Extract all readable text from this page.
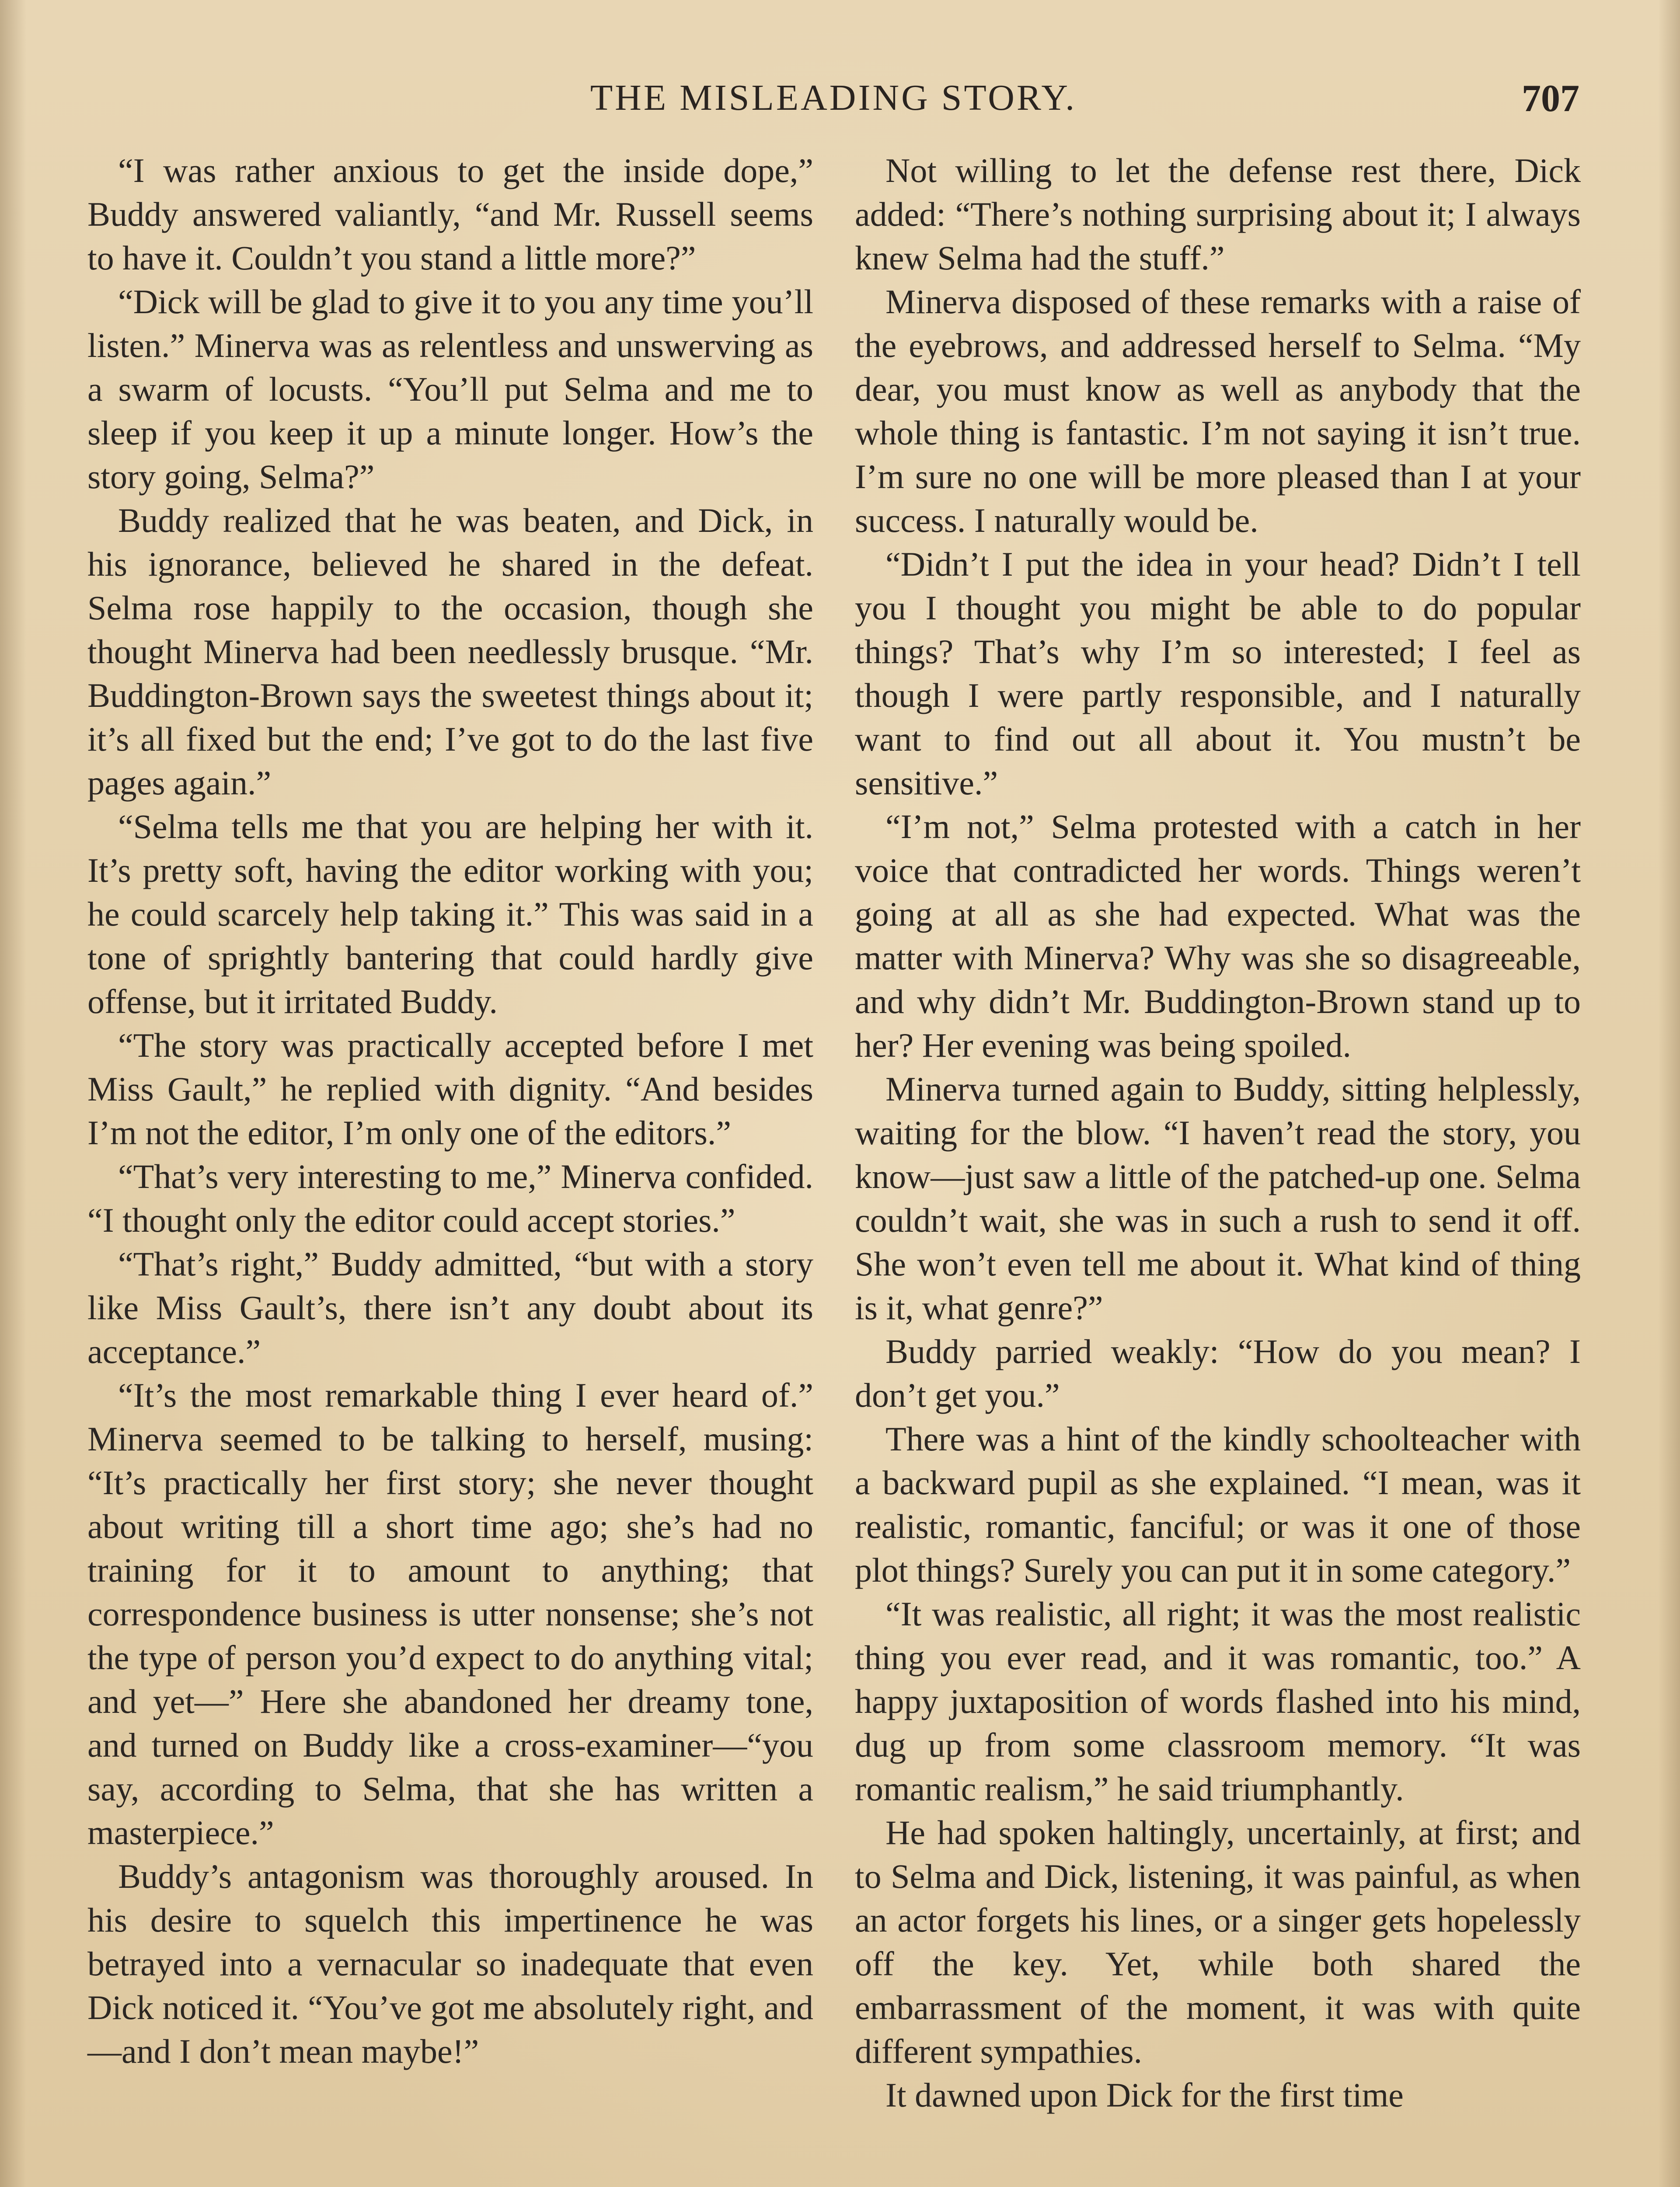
THE MISLEADING STORY.	707

“I was rather anxious to get the inside dope,” Buddy answered valiantly, “and Mr. Russell seems to have it. Couldn’t you stand a little more?”

“Dick will be glad to give it to you any time you’ll listen.” Minerva was as relentless and unswerving as a swarm of locusts. “You’ll put Selma and me to sleep if you keep it up a minute longer. How’s the story going, Selma?”

Buddy realized that he was beaten, and Dick, in his ignorance, believed he shared in the defeat. Selma rose happily to the occasion, though she thought Minerva had been needlessly brusque. “Mr. Buddington-Brown says the sweetest things about it; it’s all fixed but the end; I’ve got to do the last five pages again.”

“Selma tells me that you are helping her with it. It’s pretty soft, having the editor working with you; he could scarcely help taking it.” This was said in a tone of sprightly bantering that could hardly give offense, but it irritated Buddy.

“The story was practically accepted before I met Miss Gault,” he replied with dignity. “And besides I’m not the editor, I’m only one of the editors.”

“That’s very interesting to me,” Minerva confided. “I thought only the editor could accept stories.”

“That’s right,” Buddy admitted, “but with a story like Miss Gault’s, there isn’t any doubt about its acceptance.”

“It’s the most remarkable thing I ever heard of.” Minerva seemed to be talking to herself, musing: “It’s practically her first story; she never thought about writing till a short time ago; she’s had no training for it to amount to anything; that correspondence business is utter nonsense; she’s not the type of person you’d expect to do anything vital; and yet—” Here she abandoned her dreamy tone, and turned on Buddy like a cross-examiner—“you say, according to Selma, that she has written a masterpiece.”

Buddy’s antagonism was thoroughly aroused. In his desire to squelch this impertinence he was betrayed into a vernacular so inadequate that even Dick noticed it. “You’ve got me absolutely right, and —and I don’t mean maybe!”

Not willing to let the defense rest there, Dick added: “There’s nothing surprising about it; I always knew Selma had the stuff.”

Minerva disposed of these remarks with a raise of the eyebrows, and addressed herself to Selma. “My dear, you must know as well as anybody that the whole thing is fantastic. I’m not saying it isn’t true. I’m sure no one will be more pleased than I at your success. I naturally would be.

“Didn’t I put the idea in your head? Didn’t I tell you I thought you might be able to do popular things? That’s why I’m so interested; I feel as though I were partly responsible, and I naturally want to find out all about it. You mustn’t be sensitive.”

“I’m not,” Selma protested with a catch in her voice that contradicted her words. Things weren’t going at all as she had expected. What was the matter with Minerva? Why was she so disagreeable, and why didn’t Mr. Buddington-Brown stand up to her? Her evening was being spoiled.

Minerva turned again to Buddy, sitting helplessly, waiting for the blow. “I haven’t read the story, you know—just saw a little of the patched-up one. Selma couldn’t wait, she was in such a rush to send it off. She won’t even tell me about it. What kind of thing is it, what genre?”

Buddy parried weakly: “How do you mean? I don’t get you.”

There was a hint of the kindly schoolteacher with a backward pupil as she explained. “I mean, was it realistic, romantic, fanciful; or was it one of those plot things? Surely you can put it in some category.”

“It was realistic, all right; it was the most realistic thing you ever read, and it was romantic, too.” A happy juxtaposition of words flashed into his mind, dug up from some classroom memory. “It was romantic realism,” he said triumphantly.

He had spoken haltingly, uncertainly, at first; and to Selma and Dick, listening, it was painful, as when an actor forgets his lines, or a singer gets hopelessly off the key. Yet, while both shared the embarrassment of the moment, it was with quite different sympathies.

It dawned upon Dick for the first time
